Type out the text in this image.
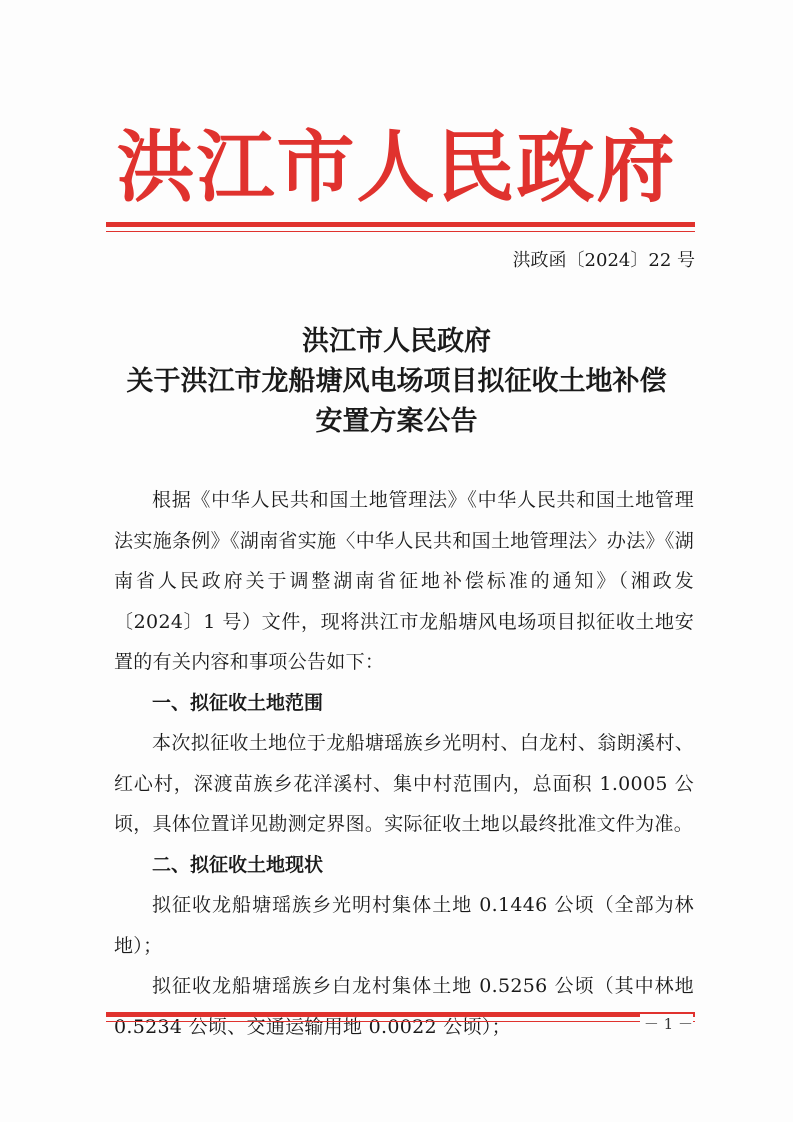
洪江市人民政府
洪政函〔2024〕22 号
洪江市人民政府
关于洪江市龙船塘风电场项目拟征收土地补偿
安置方案公告

根据《中华人民共和国土地管理法》《中华人民共和国土地管理法实施条例》《湖南省实施〈中华人民共和国土地管理法〉办法》《湖南省人民政府关于调整湖南省征地补偿标准的通知》（湘政发〔2024〕1 号）文件，现将洪江市龙船塘风电场项目拟征收土地安置的有关内容和事项公告如下：

一、拟征收土地范围

本次拟征收土地位于龙船塘瑶族乡光明村、白龙村、翁朗溪村、红心村，深渡苗族乡花洋溪村、集中村范围内，总面积 1.0005 公顷，具体位置详见勘测定界图。实际征收土地以最终批准文件为准。

二、拟征收土地现状

拟征收龙船塘瑶族乡光明村集体土地 0.1446 公顷（全部为林地）；

拟征收龙船塘瑶族乡白龙村集体土地 0.5256 公顷（其中林地 0.5234 公顷、交通运输用地 0.0022 公顷）；	－ 1 －
